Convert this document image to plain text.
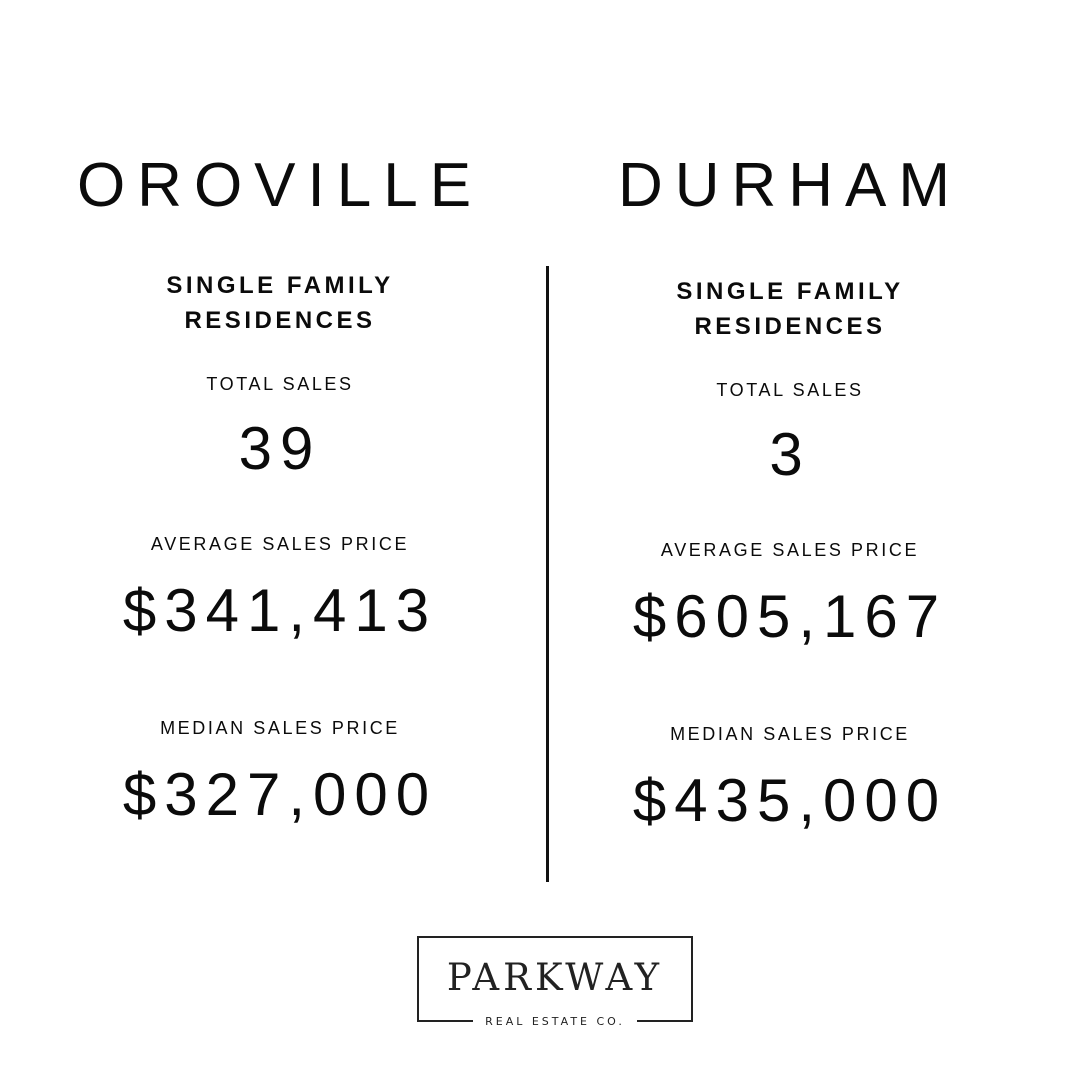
OROVILLE
SINGLE FAMILY
RESIDENCES
TOTAL SALES
39
AVERAGE SALES PRICE
$341,413
MEDIAN SALES PRICE
$327,000
DURHAM
SINGLE FAMILY
RESIDENCES
TOTAL SALES
3
AVERAGE SALES PRICE
$605,167
MEDIAN SALES PRICE
$435,000
PARKWAY
REAL ESTATE CO.
